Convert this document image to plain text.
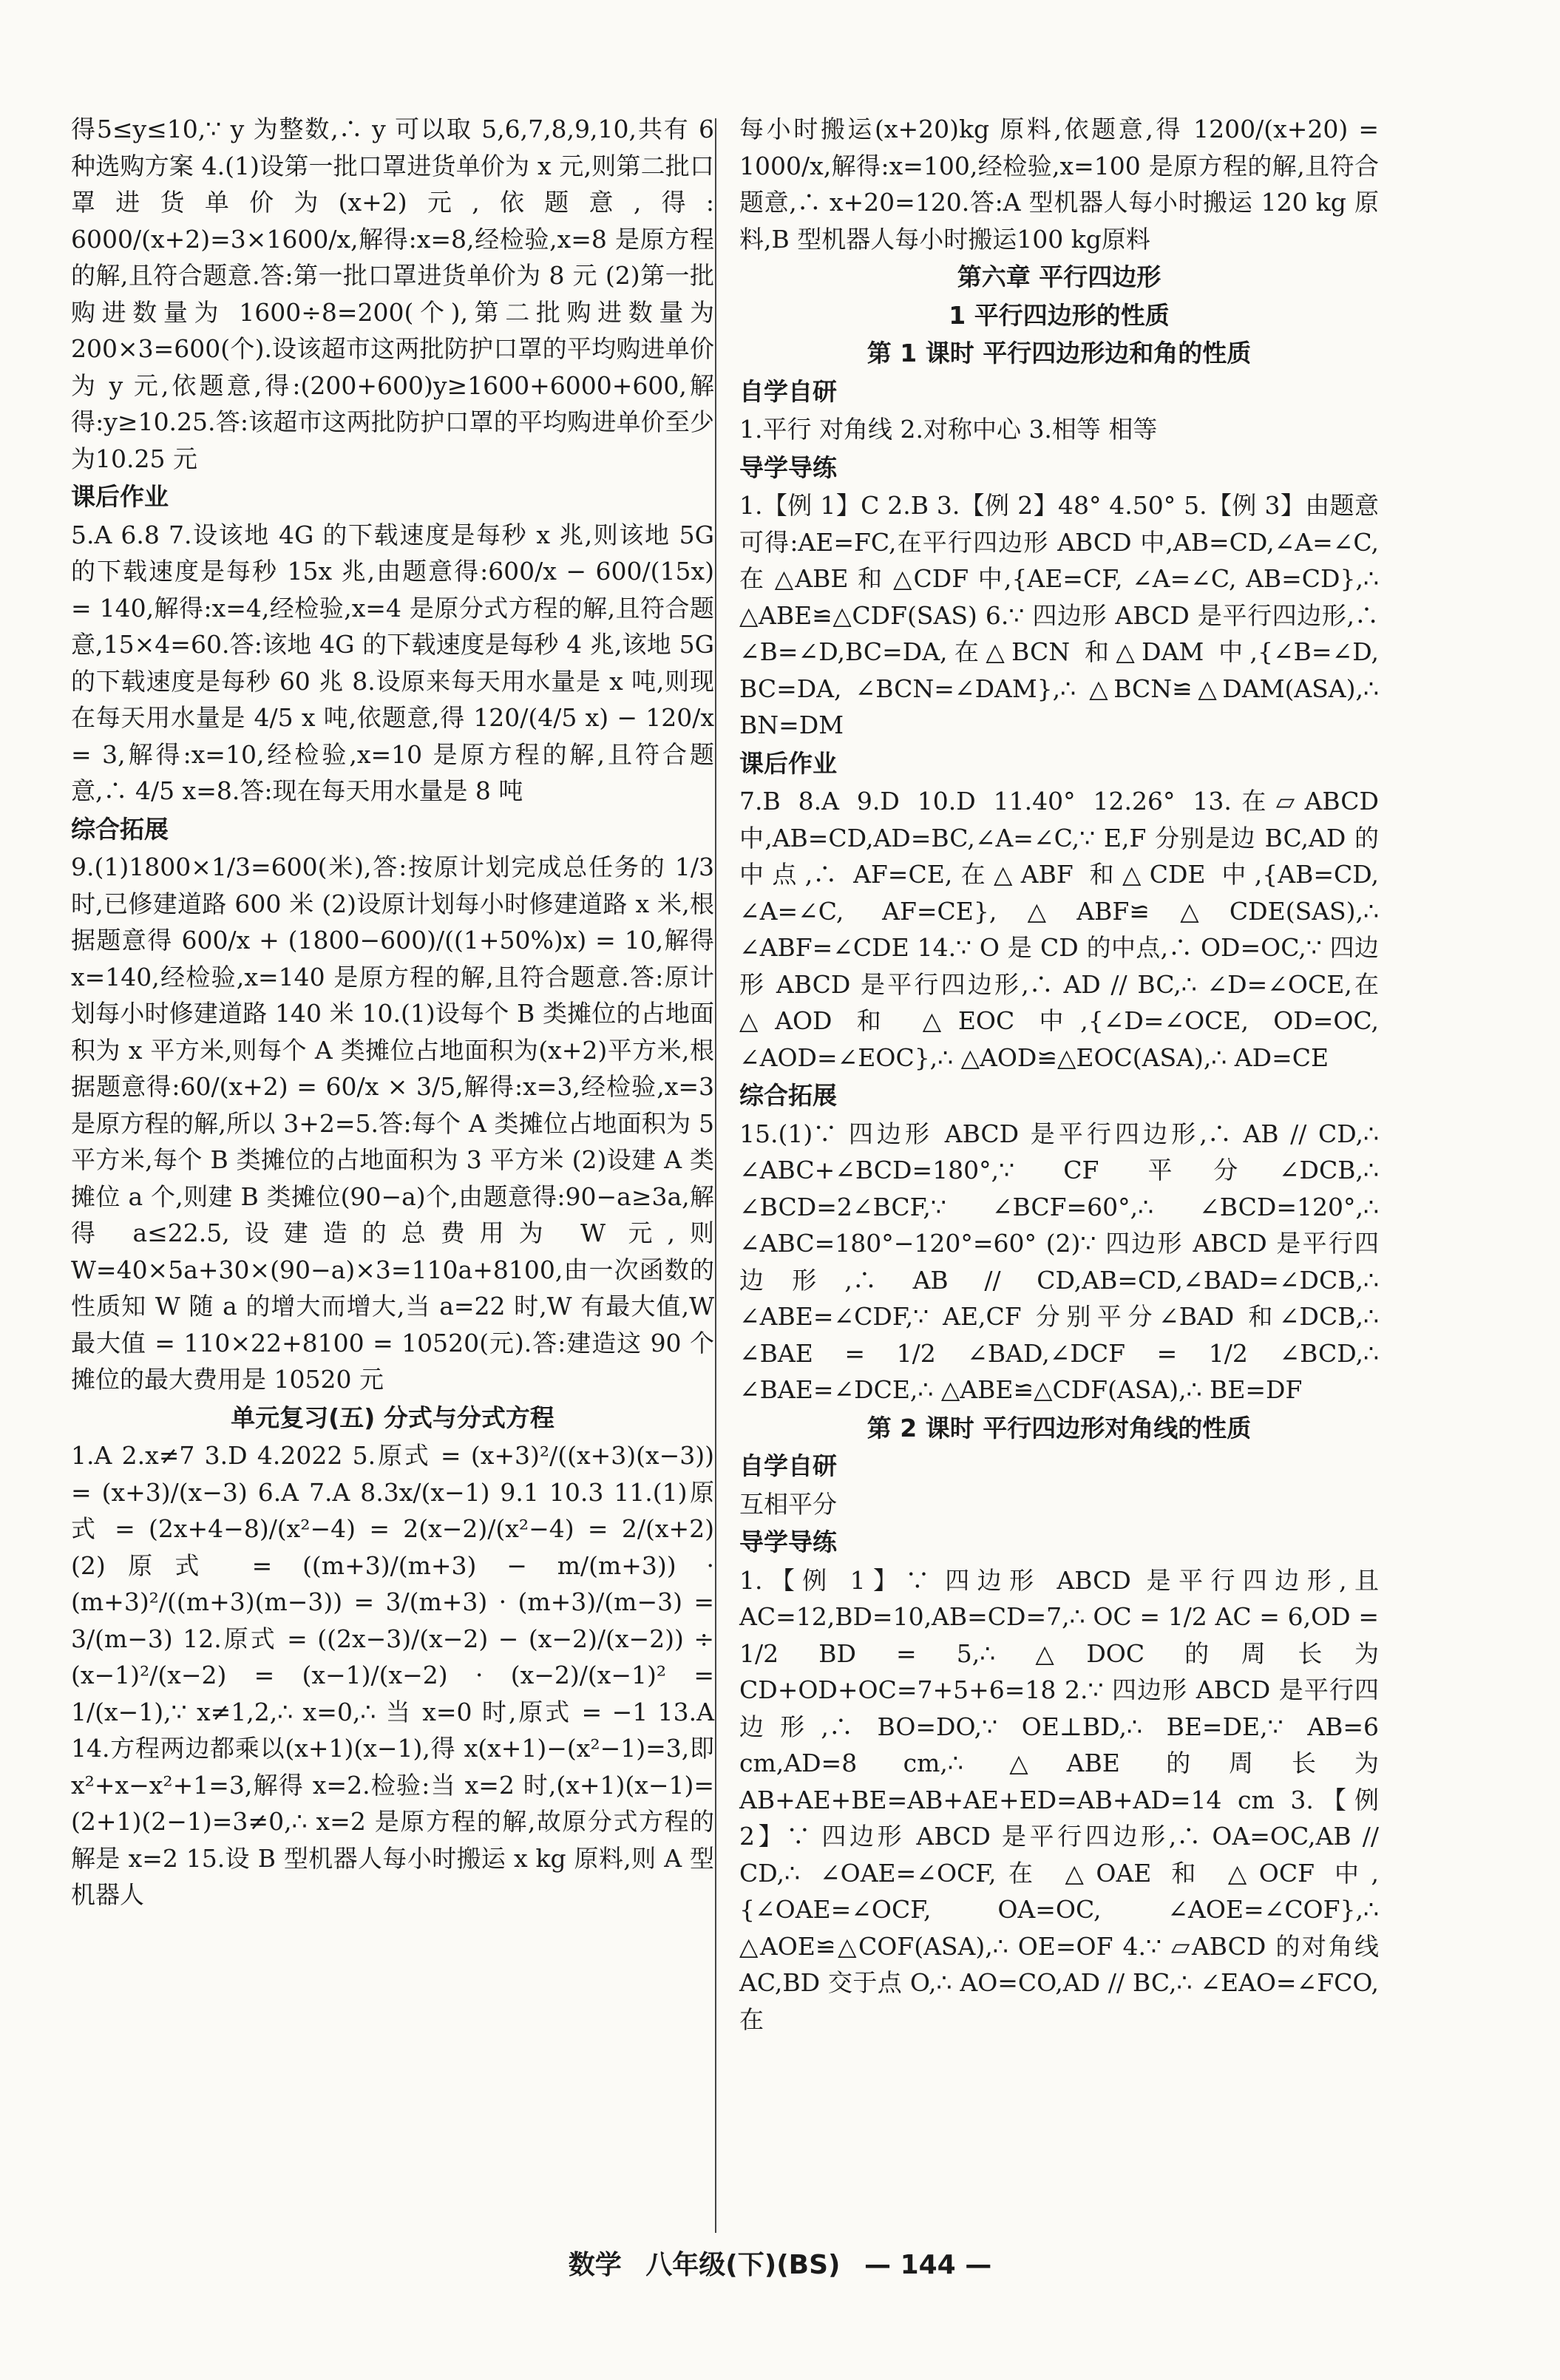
得5≤y≤10,∵ y 为整数,∴ y 可以取 5,6,7,8,9,10,共有 6 种选购方案 4.(1)设第一批口罩进货单价为 x 元,则第二批口罩进货单价为(x+2)元,依题意,得: 6000/(x+2)=3×1600/x,解得:x=8,经检验,x=8 是原方程的解,且符合题意.答:第一批口罩进货单价为 8 元 (2)第一批购进数量为 1600÷8=200(个),第二批购进数量为 200×3=600(个).设该超市这两批防护口罩的平均购进单价为 y 元,依题意,得:(200+600)y≥1600+6000+600,解得:y≥10.25.答:该超市这两批防护口罩的平均购进单价至少为10.25 元

课后作业

5.A 6.8 7.设该地 4G 的下载速度是每秒 x 兆,则该地 5G 的下载速度是每秒 15x 兆,由题意得:600/x − 600/(15x) = 140,解得:x=4,经检验,x=4 是原分式方程的解,且符合题意,15×4=60.答:该地 4G 的下载速度是每秒 4 兆,该地 5G 的下载速度是每秒 60 兆 8.设原来每天用水量是 x 吨,则现在每天用水量是 4/5 x 吨,依题意,得 120/(4/5 x) − 120/x = 3,解得:x=10,经检验,x=10 是原方程的解,且符合题意,∴ 4/5 x=8.答:现在每天用水量是 8 吨

综合拓展

9.(1)1800×1/3=600(米),答:按原计划完成总任务的 1/3 时,已修建道路 600 米 (2)设原计划每小时修建道路 x 米,根据题意得 600/x + (1800−600)/((1+50%)x) = 10,解得 x=140,经检验,x=140 是原方程的解,且符合题意.答:原计划每小时修建道路 140 米 10.(1)设每个 B 类摊位的占地面积为 x 平方米,则每个 A 类摊位占地面积为(x+2)平方米,根据题意得:60/(x+2) = 60/x × 3/5,解得:x=3,经检验,x=3 是原方程的解,所以 3+2=5.答:每个 A 类摊位占地面积为 5 平方米,每个 B 类摊位的占地面积为 3 平方米 (2)设建 A 类摊位 a 个,则建 B 类摊位(90−a)个,由题意得:90−a≥3a,解得 a≤22.5,设建造的总费用为 W 元,则 W=40×5a+30×(90−a)×3=110a+8100,由一次函数的性质知 W 随 a 的增大而增大,当 a=22 时,W 有最大值,W最大值 = 110×22+8100 = 10520(元).答:建造这 90 个摊位的最大费用是 10520 元

单元复习(五) 分式与分式方程

1.A 2.x≠7 3.D 4.2022 5.原式 = (x+3)²/((x+3)(x−3)) = (x+3)/(x−3) 6.A 7.A 8.3x/(x−1) 9.1 10.3 11.(1)原式 = (2x+4−8)/(x²−4) = 2(x−2)/(x²−4) = 2/(x+2) (2)原式 = ((m+3)/(m+3) − m/(m+3)) · (m+3)²/((m+3)(m−3)) = 3/(m+3) · (m+3)/(m−3) = 3/(m−3) 12.原式 = ((2x−3)/(x−2) − (x−2)/(x−2)) ÷ (x−1)²/(x−2) = (x−1)/(x−2) · (x−2)/(x−1)² = 1/(x−1),∵ x≠1,2,∴ x=0,∴ 当 x=0 时,原式 = −1 13.A 14.方程两边都乘以(x+1)(x−1),得 x(x+1)−(x²−1)=3,即 x²+x−x²+1=3,解得 x=2.检验:当 x=2 时,(x+1)(x−1)=(2+1)(2−1)=3≠0,∴ x=2 是原方程的解,故原分式方程的解是 x=2 15.设 B 型机器人每小时搬运 x kg 原料,则 A 型机器人

每小时搬运(x+20)kg 原料,依题意,得 1200/(x+20) = 1000/x,解得:x=100,经检验,x=100 是原方程的解,且符合题意,∴ x+20=120.答:A 型机器人每小时搬运 120 kg 原料,B 型机器人每小时搬运100 kg原料

第六章 平行四边形

1 平行四边形的性质

第 1 课时 平行四边形边和角的性质

自学自研

1.平行 对角线 2.对称中心 3.相等 相等

导学导练

1.【例 1】C 2.B 3.【例 2】48° 4.50° 5.【例 3】由题意可得:AE=FC,在平行四边形 ABCD 中,AB=CD,∠A=∠C,在 △ABE 和 △CDF 中,{AE=CF, ∠A=∠C, AB=CD},∴ △ABE≌△CDF(SAS) 6.∵ 四边形 ABCD 是平行四边形,∴ ∠B=∠D,BC=DA,在△BCN 和△DAM 中,{∠B=∠D, BC=DA, ∠BCN=∠DAM},∴ △BCN≌△DAM(ASA),∴ BN=DM

课后作业

7.B 8.A 9.D 10.D 11.40° 12.26° 13.在▱ABCD 中,AB=CD,AD=BC,∠A=∠C,∵ E,F 分别是边 BC,AD 的中点,∴ AF=CE,在△ABF 和△CDE 中,{AB=CD, ∠A=∠C, AF=CE},△ABF≌△CDE(SAS),∴ ∠ABF=∠CDE 14.∵ O 是 CD 的中点,∴ OD=OC,∵ 四边形 ABCD 是平行四边形,∴ AD // BC,∴ ∠D=∠OCE,在 △AOD 和 △EOC 中,{∠D=∠OCE, OD=OC, ∠AOD=∠EOC},∴ △AOD≌△EOC(ASA),∴ AD=CE

综合拓展

15.(1)∵ 四边形 ABCD 是平行四边形,∴ AB // CD,∴ ∠ABC+∠BCD=180°,∵ CF 平分∠DCB,∴ ∠BCD=2∠BCF,∵ ∠BCF=60°,∴ ∠BCD=120°,∴ ∠ABC=180°−120°=60° (2)∵ 四边形 ABCD 是平行四边形,∴ AB // CD,AB=CD,∠BAD=∠DCB,∴ ∠ABE=∠CDF,∵ AE,CF 分别平分∠BAD 和∠DCB,∴ ∠BAE = 1/2 ∠BAD,∠DCF = 1/2 ∠BCD,∴ ∠BAE=∠DCE,∴ △ABE≌△CDF(ASA),∴ BE=DF

第 2 课时 平行四边形对角线的性质

自学自研

互相平分

导学导练

1.【例 1】∵ 四边形 ABCD 是平行四边形,且 AC=12,BD=10,AB=CD=7,∴ OC = 1/2 AC = 6,OD = 1/2 BD = 5,∴ △DOC 的周长为 CD+OD+OC=7+5+6=18 2.∵ 四边形 ABCD 是平行四边形,∴ BO=DO,∵ OE⊥BD,∴ BE=DE,∵ AB=6 cm,AD=8 cm,∴ △ABE 的周长为 AB+AE+BE=AB+AE+ED=AB+AD=14 cm 3.【例 2】∵ 四边形 ABCD 是平行四边形,∴ OA=OC,AB // CD,∴ ∠OAE=∠OCF,在 △OAE 和 △OCF 中,{∠OAE=∠OCF, OA=OC, ∠AOE=∠COF},∴ △AOE≌△COF(ASA),∴ OE=OF 4.∵ ▱ABCD 的对角线 AC,BD 交于点 O,∴ AO=CO,AD // BC,∴ ∠EAO=∠FCO,在

数学 八年级(下)(BS) — 144 —
